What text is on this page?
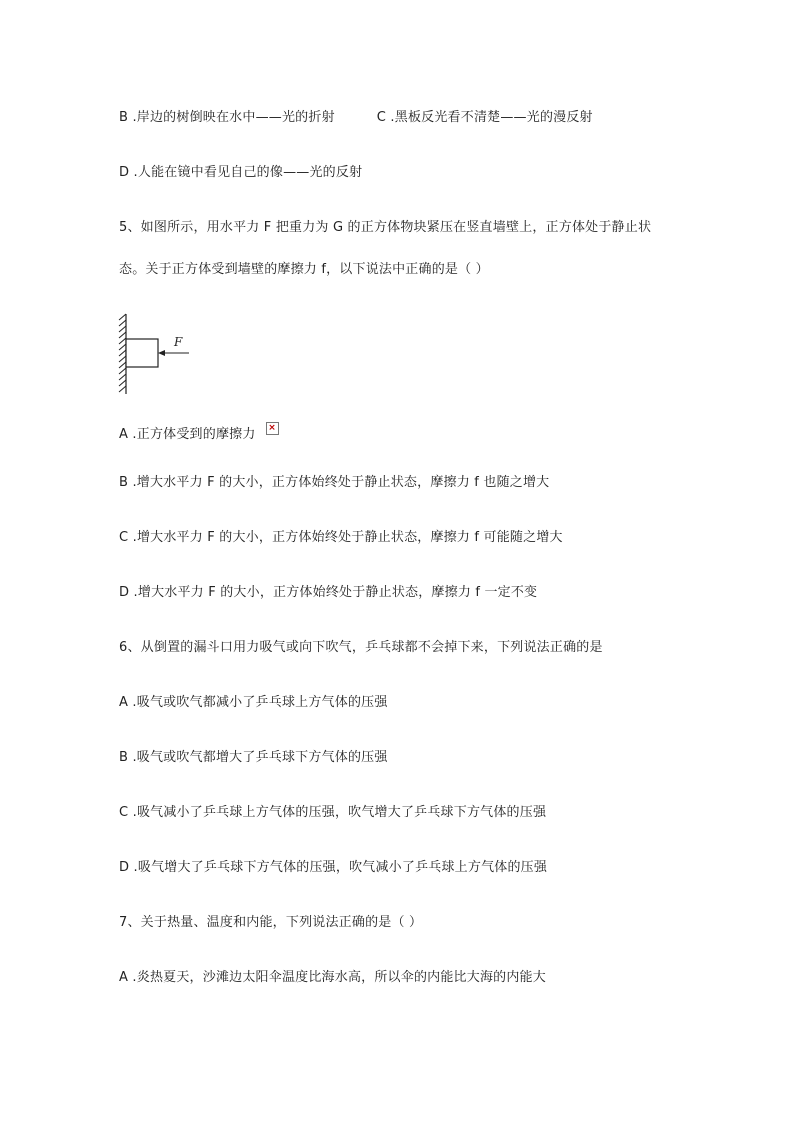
B .岸边的树倒映在水中——光的折射	C .黑板反光看不清楚——光的漫反射
D .人能在镜中看见自己的像——光的反射
5、如图所示，用水平力 F 把重力为 G 的正方体物块紧压在竖直墙壁上，正方体处于静止状
态。关于正方体受到墙壁的摩擦力 f，以下说法中正确的是（ ）
F
A .正方体受到的摩擦力 ×
B .增大水平力 F 的大小，正方体始终处于静止状态，摩擦力 f 也随之增大
C .增大水平力 F 的大小，正方体始终处于静止状态，摩擦力 f 可能随之增大
D .增大水平力 F 的大小，正方体始终处于静止状态，摩擦力 f 一定不变
6、从倒置的漏斗口用力吸气或向下吹气，乒乓球都不会掉下来，下列说法正确的是
A .吸气或吹气都减小了乒乓球上方气体的压强
B .吸气或吹气都增大了乒乓球下方气体的压强
C .吸气减小了乒乓球上方气体的压强，吹气增大了乒乓球下方气体的压强
D .吸气增大了乒乓球下方气体的压强，吹气减小了乒乓球上方气体的压强
7、关于热量、温度和内能，下列说法正确的是（ ）
A .炎热夏天，沙滩边太阳伞温度比海水高，所以伞的内能比大海的内能大
